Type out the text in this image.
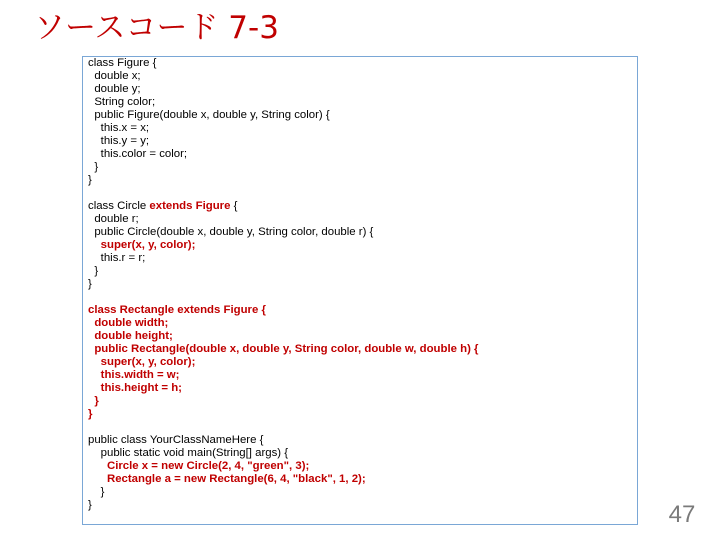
ソースコード 7-3
class Figure {
double x;
double y;
String color;
public Figure(double x, double y, String color) {
this.x = x;
this.y = y;
this.color = color;
}
}
class Circle extends Figure {
double r;
public Circle(double x, double y, String color, double r) {
super(x, y, color);
this.r = r;
}
}
class Rectangle extends Figure {
double width;
double height;
public Rectangle(double x, double y, String color, double w, double h) {
super(x, y, color);
this.width = w;
this.height = h;
}
}
public class YourClassNameHere {
public static void main(String[] args) {
Circle x = new Circle(2, 4, "green", 3);
Rectangle a = new Rectangle(6, 4, "black", 1, 2);
}
}	47
